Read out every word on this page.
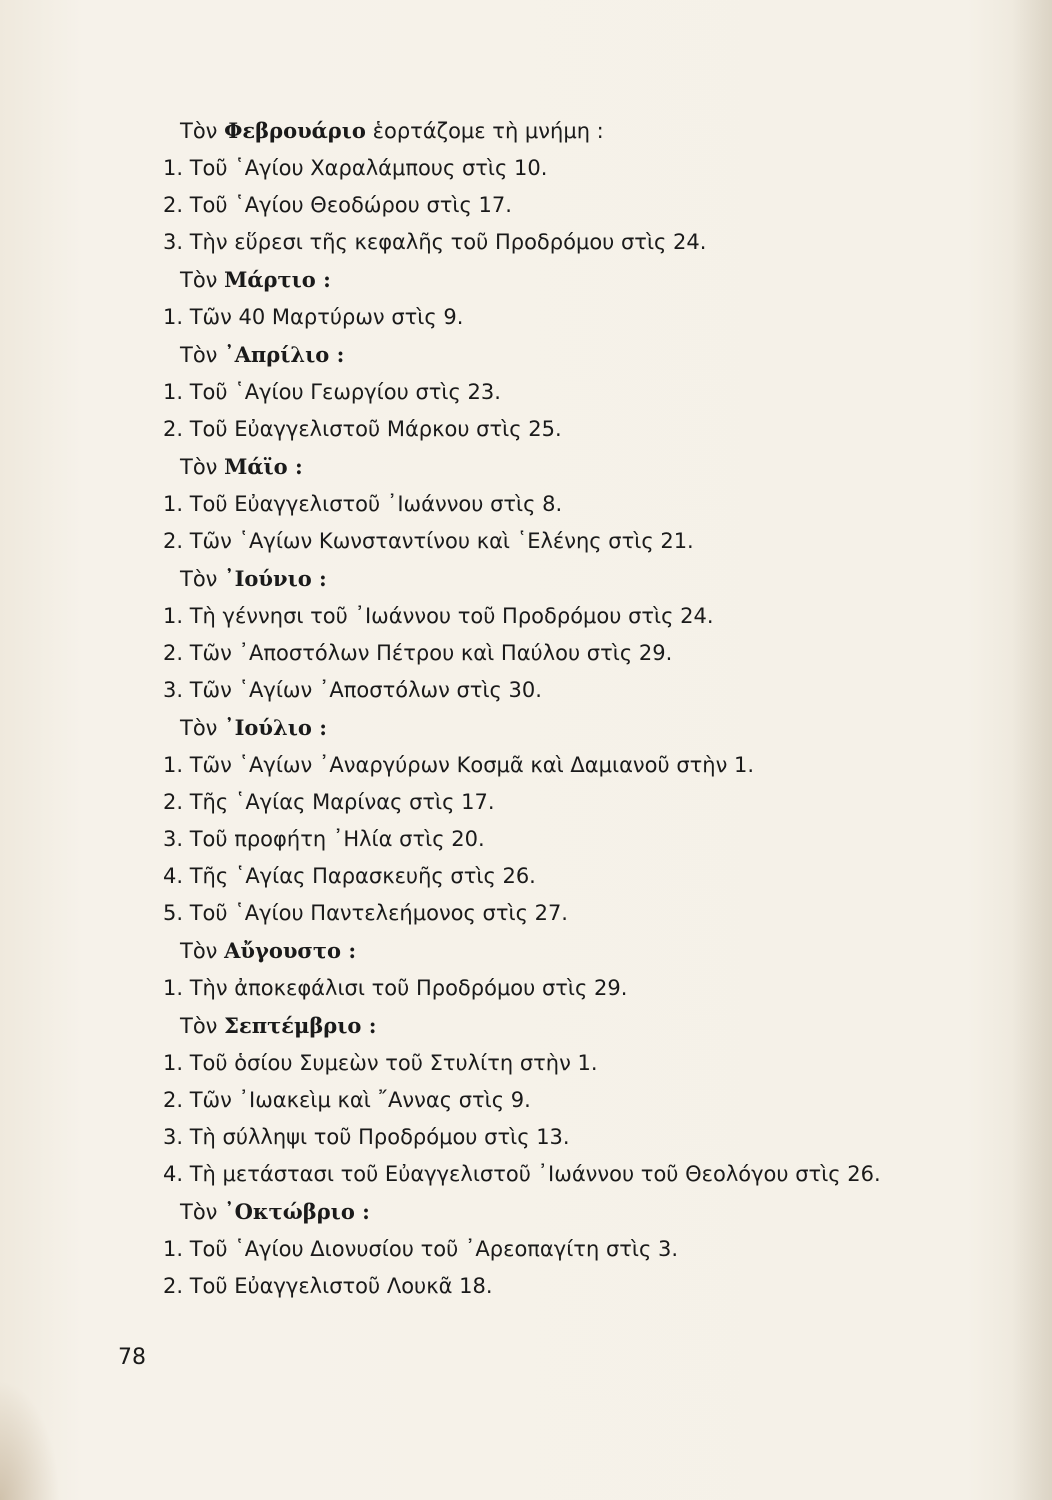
Τὸν Φεβρουάριο ἑορτάζομε τὴ μνήμη :
1. Τοῦ ῾Αγίου Χαραλάμπους στὶς 10.
2. Τοῦ ῾Αγίου Θεοδώρου στὶς 17.
3. Τὴν εὕρεσι τῆς κεφαλῆς τοῦ Προδρόμου στὶς 24.
Τὸν Μάρτιο :
1. Τῶν 40 Μαρτύρων στὶς 9.
Τὸν ᾿Απρίλιο :
1. Τοῦ ῾Αγίου Γεωργίου στὶς 23.
2. Τοῦ Εὐαγγελιστοῦ Μάρκου στὶς 25.
Τὸν Μάϊο :
1. Τοῦ Εὐαγγελιστοῦ ᾿Ιωάννου στὶς 8.
2. Τῶν ῾Αγίων Κωνσταντίνου καὶ ῾Ελένης στὶς 21.
Τὸν ᾿Ιούνιο :
1. Τὴ γέννησι τοῦ ᾿Ιωάννου τοῦ Προδρόμου στὶς 24.
2. Τῶν ᾿Αποστόλων Πέτρου καὶ Παύλου στὶς 29.
3. Τῶν ῾Αγίων ᾿Αποστόλων στὶς 30.
Τὸν ᾿Ιούλιο :
1. Τῶν ῾Αγίων ᾿Αναργύρων Κοσμᾶ καὶ Δαμιανοῦ στὴν 1.
2. Τῆς ῾Αγίας Μαρίνας στὶς 17.
3. Τοῦ προφήτη ᾿Ηλία στὶς 20.
4. Τῆς ῾Αγίας Παρασκευῆς στὶς 26.
5. Τοῦ ῾Αγίου Παντελεήμονος στὶς 27.
Τὸν Αὔγουστο :
1. Τὴν ἀποκεφάλισι τοῦ Προδρόμου στὶς 29.
Τὸν Σεπτέμβριο :
1. Τοῦ ὁσίου Συμεὼν τοῦ Στυλίτη στὴν 1.
2. Τῶν ᾿Ιωακεὶμ καὶ ῎Αννας στὶς 9.
3. Τὴ σύλληψι τοῦ Προδρόμου στὶς 13.
4. Τὴ μετάστασι τοῦ Εὐαγγελιστοῦ ᾿Ιωάννου τοῦ Θεολόγου στὶς 26.
Τὸν ᾿Οκτώβριο :
1. Τοῦ ῾Αγίου Διονυσίου τοῦ ᾿Αρεοπαγίτη στὶς 3.
2. Τοῦ Εὐαγγελιστοῦ Λουκᾶ 18.
78
